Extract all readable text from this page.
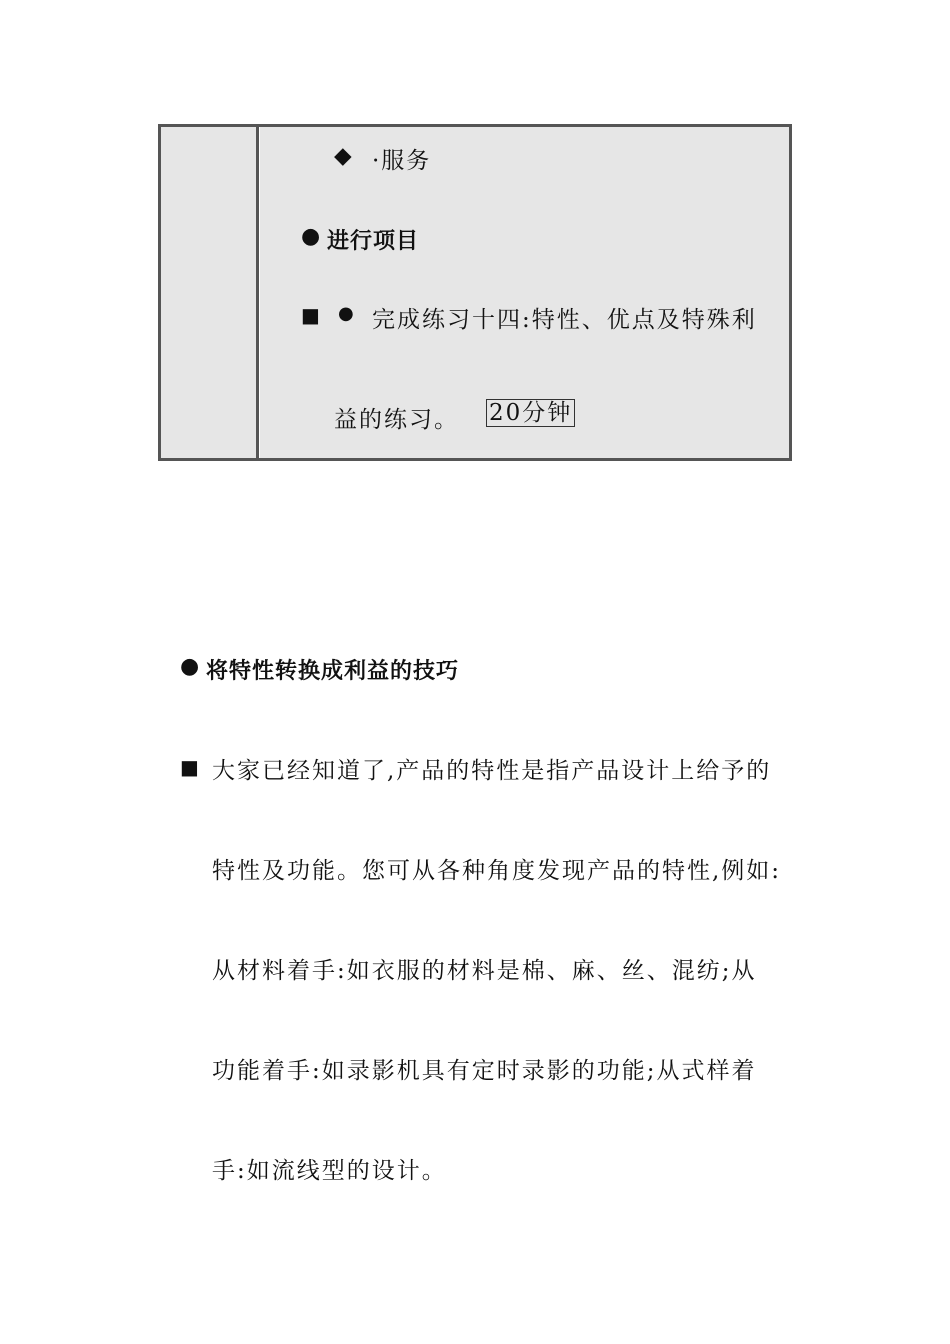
◆ ·服务
● 进行项目
■ ● 完成练习十四:特性、优点及特殊利
益的练习。 20分钟
● 将特性转换成利益的技巧
■ 大家已经知道了,产品的特性是指产品设计上给予的
特性及功能。您可从各种角度发现产品的特性,例如:
从材料着手:如衣服的材料是棉、麻、丝、混纺;从
功能着手:如录影机具有定时录影的功能;从式样着
手:如流线型的设计。
